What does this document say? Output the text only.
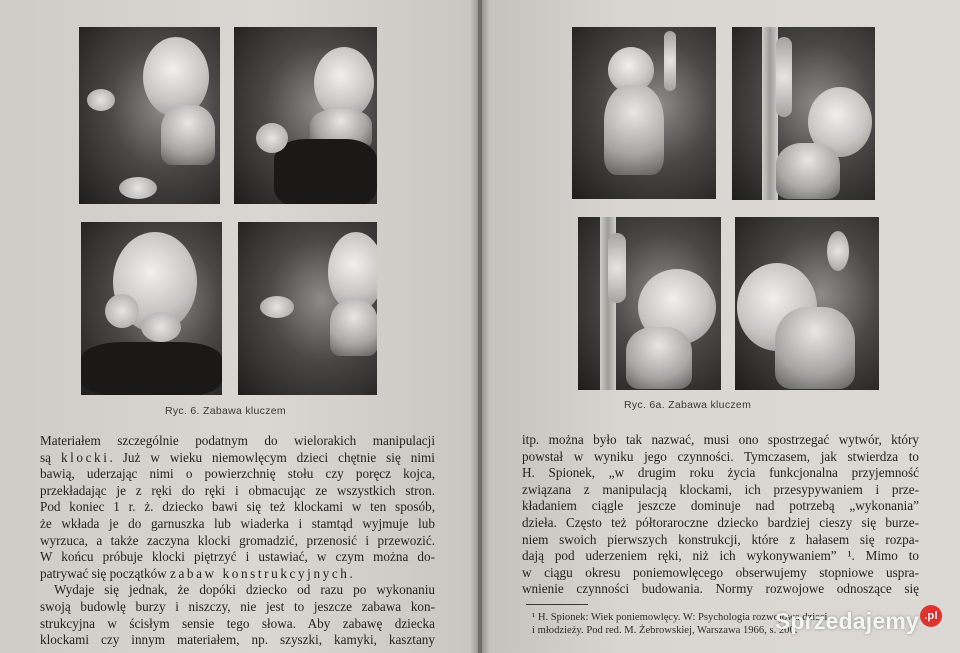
Ryc. 6. Zabawa kluczem
Materiałem szczególnie podatnym do wielorakich manipulacji
są klocki. Już w wieku niemowlęcym dzieci chętnie się nimi
bawią, uderzając nimi o powierzchnię stołu czy poręcz kojca,
przekładając je z ręki do ręki i obmacując ze wszystkich stron.
Pod koniec 1 r. ż. dziecko bawi się też klockami w ten sposób,
że wkłada je do garnuszka lub wiaderka i stamtąd wyjmuje lub
wyrzuca, a także zaczyna klocki gromadzić, przenosić i przewozić.
W końcu próbuje klocki piętrzyć i ustawiać, w czym można do-
patrywać się początków zabaw konstrukcyjnych.
Wydaje się jednak, że dopóki dziecko od razu po wykonaniu
swoją budowlę burzy i niszczy, nie jest to jeszcze zabawa kon-
strukcyjna w ścisłym sensie tego słowa. Aby zabawę dziecka
klockami czy innym materiałem, np. szyszki, kamyki, kasztany
Ryc. 6a. Zabawa kluczem
itp. można było tak nazwać, musi ono spostrzegać wytwór, który
powstał w wyniku jego czynności. Tymczasem, jak stwierdza to
H. Spionek, „w drugim roku życia funkcjonalna przyjemność
związana z manipulacją klockami, ich przesypywaniem i prze-
kładaniem ciągle jeszcze dominuje nad potrzebą „wykonania”
dzieła. Często też półtoraroczne dziecko bardziej cieszy się burze-
niem swoich pierwszych konstrukcji, które z hałasem się rozpa-
dają pod uderzeniem ręki, niż ich wykonywaniem” ¹. Mimo to
w ciągu okresu poniemowlęcego obserwujemy stopniowe uspra-
wnienie czynności budowania. Normy rozwojowe odnoszące się
¹ H. Spionek: Wiek poniemowlęcy. W: Psychologia rozwojowa dzieci
i młodzieży. Pod red. M. Żebrowskiej, Warszawa 1966, s. 200.
Sprzedajemy .pl
